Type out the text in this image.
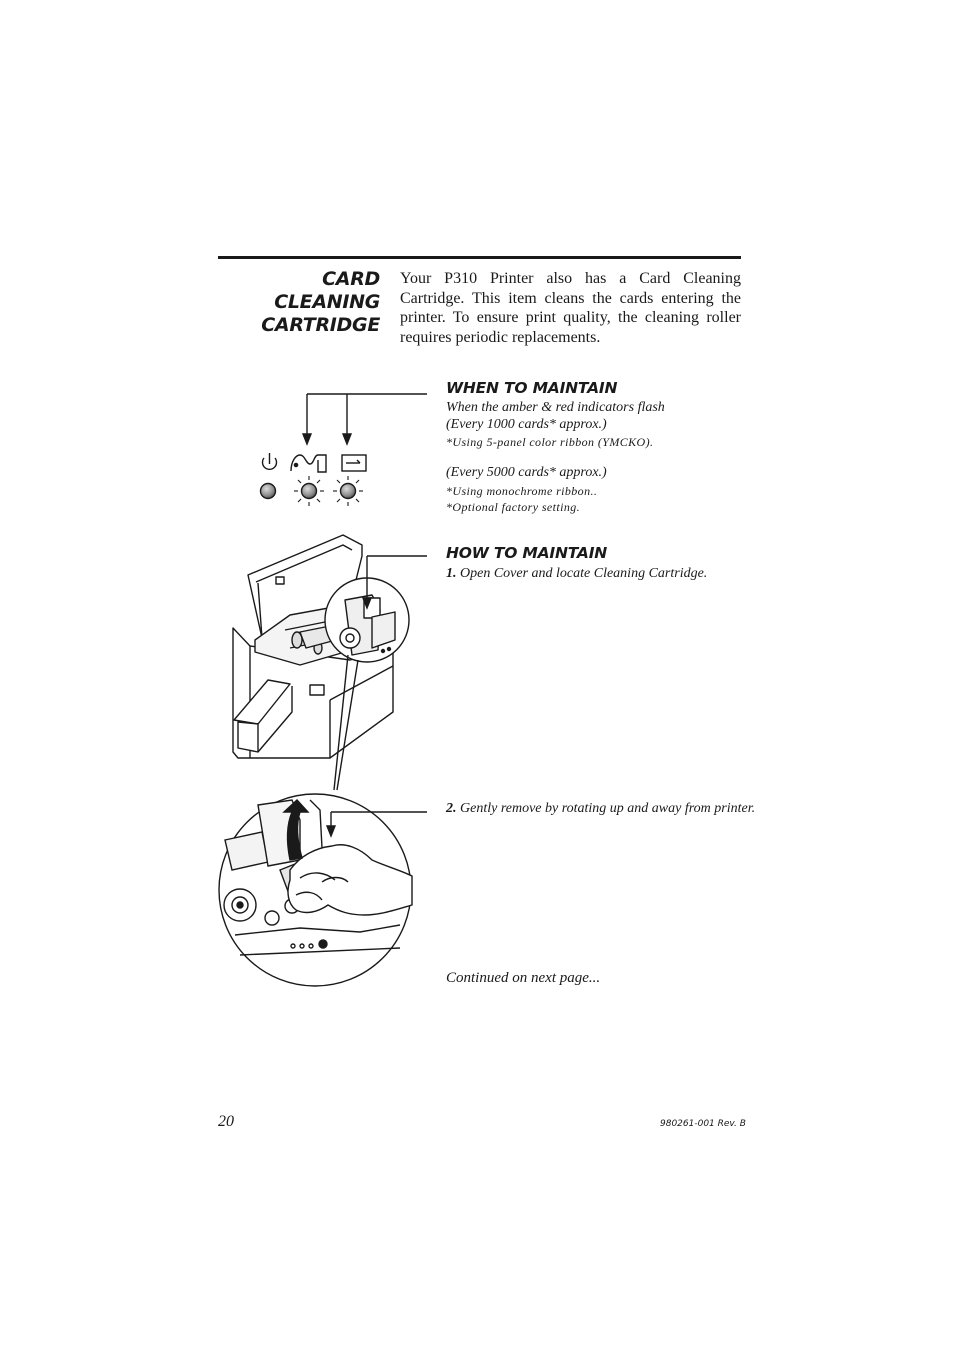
CARD CLEANING
CARTRIDGE
Your P310 Printer also has a Card Cleaning Cartridge. This item cleans the cards entering the printer. To ensure print quality, the cleaning roller requires periodic replacements.
WHEN TO MAINTAIN
When the amber & red indicators flash
(Every 1000 cards* approx.)
*Using 5-panel color ribbon (YMCKO).
(Every 5000 cards* approx.)
*Using monochrome ribbon..
*Optional factory setting.
HOW TO MAINTAIN
1. Open Cover and locate Cleaning Cartridge.
2. Gently remove by rotating up and away from printer.
Continued on next page...
20	980261-001 Rev. B
